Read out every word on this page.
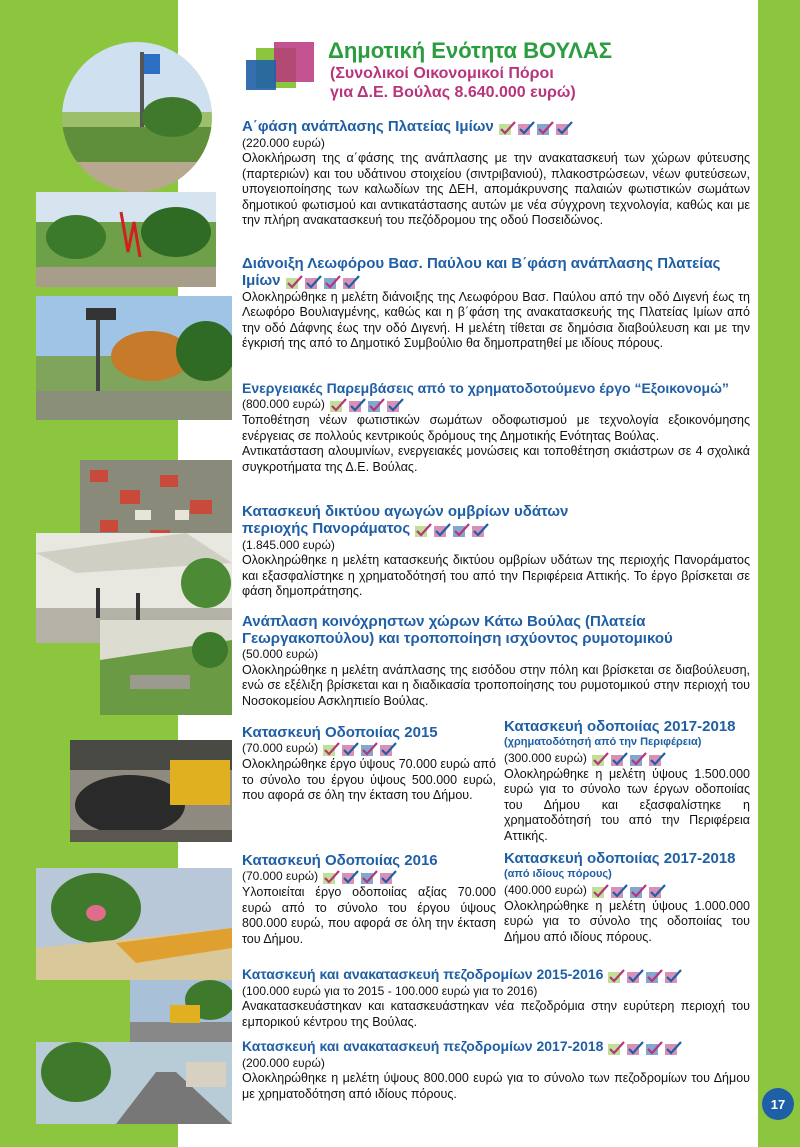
17
Δημοτική Ενότητα ΒΟΥΛΑΣ
(Συνολικοί Οικονομικοί Πόροι
για Δ.Ε. Βούλας 8.640.000 ευρώ)
Α΄φάση ανάπλασης Πλατείας Ιμίων

(220.000 ευρώ)

Ολοκλήρωση της α΄φάσης της ανάπλασης με την ανακατασκευή των χώρων φύτευσης (παρτεριών) και του υδάτινου στοιχείου (σιντριβανιού), πλακοστρώσεων, νέων φυτεύσεων, υπογειοποίησης των καλωδίων της ΔΕΗ, απομάκρυνσης παλαιών φωτιστικών σωμάτων δημοτικού φωτισμού και αντικατάστασης αυτών με νέα σύγχρονη τεχνολογία, καθώς και με την πλήρη ανακατασκευή του πεζόδρομου της οδού Ποσειδώνος.

Διάνοιξη Λεωφόρου Βασ. Παύλου και Β΄φάση ανάπλασης Πλατείας Ιμίων

Ολοκληρώθηκε η μελέτη διάνοιξης της Λεωφόρου Βασ. Παύλου από την οδό Διγενή έως τη Λεωφόρο Βουλιαγμένης, καθώς και η β΄φάση της ανακατασκευής της Πλατείας Ιμίων από την οδό Δάφνης έως την οδό Διγενή. Η μελέτη τίθεται σε δημόσια διαβούλευση και με την έγκρισή της από το Δημοτικό Συμβούλιο θα δημοπρατηθεί με ιδίους πόρους.

Ενεργειακές Παρεμβάσεις από το χρηματοδοτούμενο έργο “Εξοικονομώ”

(800.000 ευρώ)

Τοποθέτηση νέων φωτιστικών σωμάτων οδοφωτισμού με τεχνολογία εξοικονόμησης ενέργειας σε πολλούς κεντρικούς δρόμους της Δημοτικής Ενότητας Βούλας.

Αντικατάσταση αλουμινίων, ενεργειακές μονώσεις και τοποθέτηση σκιάστρων σε 4 σχολικά συγκροτήματα της Δ.Ε. Βούλας.

Κατασκευή δικτύου αγωγών ομβρίων υδάτων
περιοχής Πανοράματος

(1.845.000 ευρώ)

Ολοκληρώθηκε η μελέτη κατασκευής δικτύου ομβρίων υδάτων της περιοχής Πανοράματος και εξασφαλίστηκε η χρηματοδότησή του από την Περιφέρεια Αττικής. Το έργο βρίσκεται σε φάση δημοπράτησης.

Ανάπλαση κοινόχρηστων χώρων Κάτω Βούλας (Πλατεία Γεωργακοπούλου) και τροποποίηση ισχύοντος ρυμοτομικού

(50.000 ευρώ)

Ολοκληρώθηκε η μελέτη ανάπλασης της εισόδου στην πόλη και βρίσκεται σε διαβούλευση, ενώ σε εξέλιξη βρίσκεται και η διαδικασία τροποποίησης του ρυμοτομικού στην περιοχή του Νοσοκομείου Ασκληπιείο Βούλας.

Κατασκευή Οδοποιίας 2015

(70.000 ευρώ)

Ολοκληρώθηκε έργο ύψους 70.000 ευρώ από το σύνολο του έργου ύψους 500.000 ευρώ, που αφορά σε όλη την έκταση του Δήμου.

Κατασκευή οδοποιίας 2017-2018

(χρηματοδότησή από την Περιφέρεια)

(300.000 ευρώ)

Ολοκληρώθηκε η μελέτη ύψους 1.500.000 ευρώ για το σύνολο των έργων οδοποιίας του Δήμου και εξασφαλίστηκε η χρηματοδότησή του από την Περιφέρεια Αττικής.

Κατασκευή Οδοποιίας 2016

(70.000 ευρώ)

Υλοποιείται έργο οδοποιίας αξίας 70.000 ευρώ από το σύνολο του έργου ύψους 800.000 ευρώ, που αφορά σε όλη την έκταση του Δήμου.

Κατασκευή οδοποιίας 2017-2018

(από ιδίους πόρους)

(400.000 ευρώ)

Ολοκληρώθηκε η μελέτη ύψους 1.000.000 ευρώ για το σύνολο της οδοποιίας του Δήμου από ιδίους πόρους.

Κατασκευή και ανακατασκευή πεζοδρομίων 2015-2016

(100.000 ευρώ για το 2015 - 100.000 ευρώ για το 2016)

Ανακατασκευάστηκαν και κατασκευάστηκαν νέα πεζοδρόμια στην ευρύτερη περιοχή του εμπορικού κέντρου της Βούλας.

Κατασκευή και ανακατασκευή πεζοδρομίων 2017-2018

(200.000 ευρώ)

Ολοκληρώθηκε η μελέτη ύψους 800.000 ευρώ για το σύνολο των πεζοδρομίων του Δήμου με χρηματοδότηση από ιδίους πόρους.
